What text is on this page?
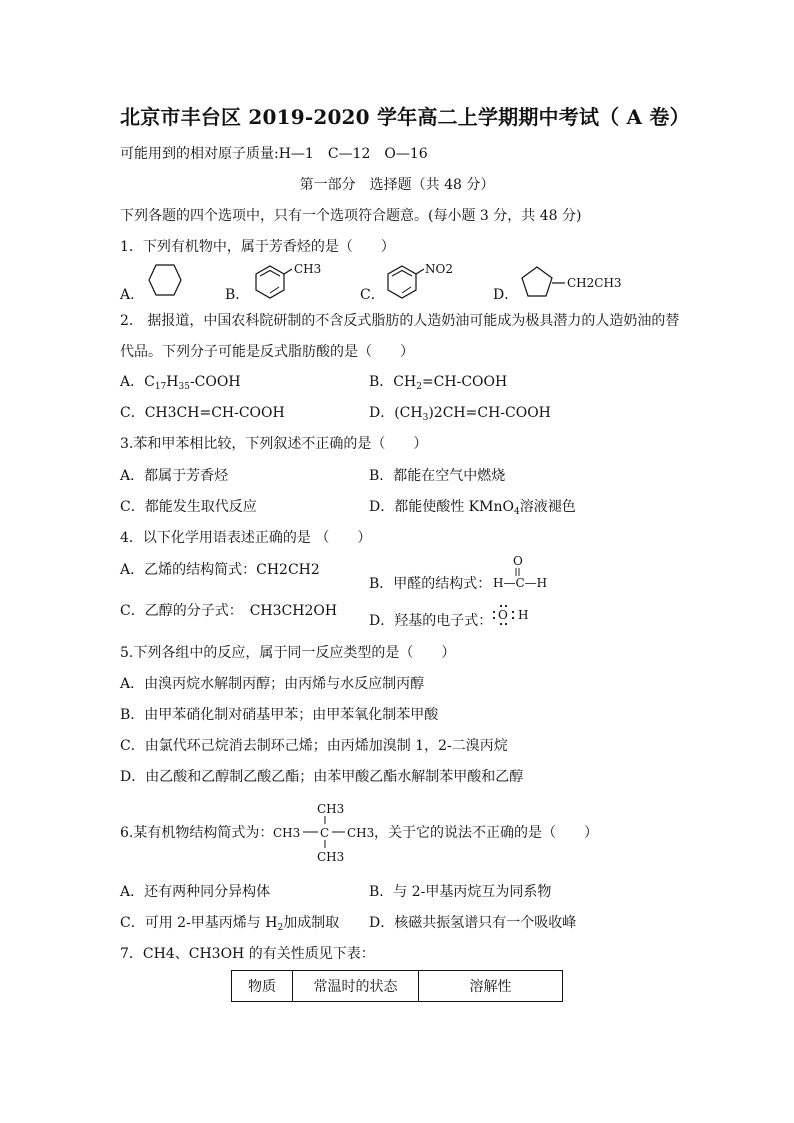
北京市丰台区 2019-2020 学年高二上学期期中考试（ A 卷）
可能用到的相对原子质量:H—1　C—12　O—16
第一部分　选择题（共 48 分）
下列各题的四个选项中，只有一个选项符合题意。(每小题 3 分，共 48 分)
1．下列有机物中，属于芳香烃的是（　　）
A．	B．
CH3
C．
NO2
D．
CH2CH3
2． 据报道，中国农科院研制的不含反式脂肪的人造奶油可能成为极具潜力的人造奶油的替
代品。下列分子可能是反式脂肪酸的是（　　）
A．$C_{17}H_{35}$-COOH	B．$CH_2=CH$-COOH
C．CH3CH=CH-COOH	D．$(CH_3)2CH=CH$-COOH
3.苯和甲苯相比较，下列叙述不正确的是（　　）
A．都属于芳香烃	B．都能在空气中燃烧
C．都能发生取代反应	D．都能使酸性 KMnO$_4$溶液褪色
4．以下化学用语表述正确的是 （　　）
A．乙烯的结构简式：CH2CH2
B．甲醛的结构式：
O
H—C—H
C．乙醇的分子式：　CH3CH2OH
D．羟基的电子式： O H
5.下列各组中的反应，属于同一反应类型的是（　　）
A．由溴丙烷水解制丙醇；由丙烯与水反应制丙醇
B．由甲苯硝化制对硝基甲苯；由甲苯氧化制苯甲酸
C．由氯代环己烷消去制环己烯；由丙烯加溴制 1，2-二溴丙烷
D．由乙酸和乙醇制乙酸乙酯；由苯甲酸乙酯水解制苯甲酸和乙醇
6.某有机物结构简式为：
CH3
CH3 C CH3
CH3
，关于它的说法不正确的是（　　）
A．还有两种同分异构体	B．与 2-甲基丙烷互为同系物
C．可用 2-甲基丙烯与 $H_2$加成制取 D．核磁共振氢谱只有一个吸收峰
7．CH4、CH3OH 的有关性质见下表：
物质	常温时的状态	溶解性
